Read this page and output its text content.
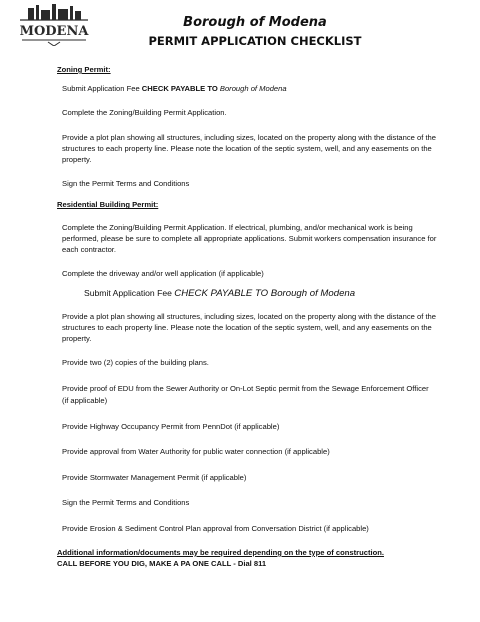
MODENA
Borough of Modena
PERMIT APPLICATION CHECKLIST

Zoning Permit:

Submit Application Fee CHECK PAYABLE TO Borough of Modena

Complete the Zoning/Building Permit Application.

Provide a plot plan showing all structures, including sizes, located on the property along with the distance of the structures to each property line. Please note the location of the septic system, well, and any easements on the property.

Sign the Permit Terms and Conditions

Residential Building Permit:

Complete the Zoning/Building Permit Application. If electrical, plumbing, and/or mechanical work is being performed, please be sure to complete all appropriate applications. Submit workers compensation insurance for each contractor.

Complete the driveway and/or well application (if applicable)

Submit Application Fee CHECK PAYABLE TO Borough of Modena

Provide a plot plan showing all structures, including sizes, located on the property along with the distance of the structures to each property line. Please note the location of the septic system, well, and any easements on the property.

Provide two (2) copies of the building plans.

Provide proof of EDU from the Sewer Authority or On-Lot Septic permit from the Sewage Enforcement Officer (if applicable)

Provide Highway Occupancy Permit from PennDot (if applicable)

Provide approval from Water Authority for public water connection (if applicable)

Provide Stormwater Management Permit (if applicable)

Sign the Permit Terms and Conditions

Provide Erosion & Sediment Control Plan approval from Conversation District (if applicable)

Additional information/documents may be required depending on the type of construction.

CALL BEFORE YOU DIG, MAKE A PA ONE CALL - Dial 811
